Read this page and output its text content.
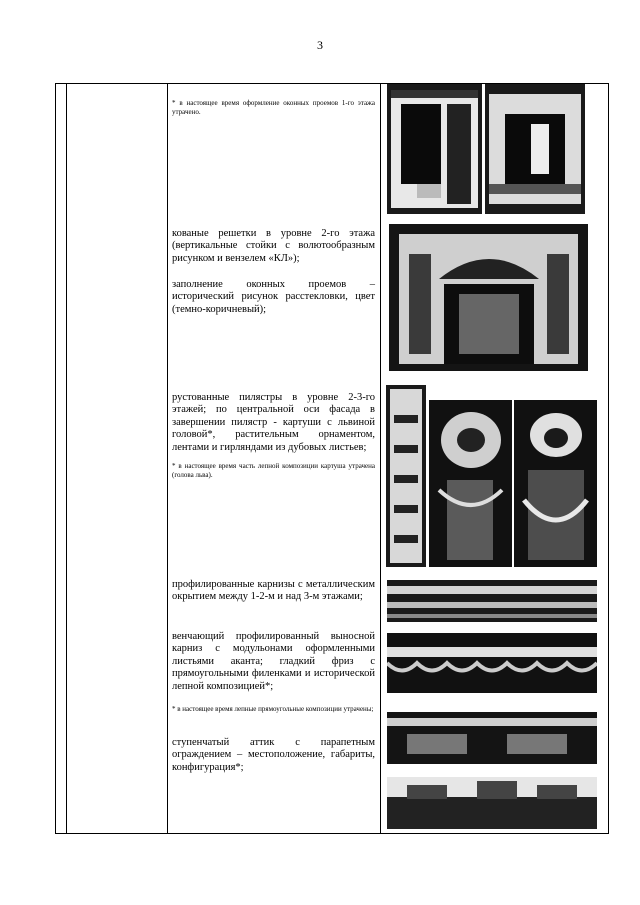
3
* в настоящее время оформление оконных проемов 1-го этажа утрачено.
кованые решетки в уровне 2-го этажа (вертикальные стойки с волютообразным рисунком и вензелем «КЛ»);
заполнение оконных проемов – исторический рисунок расстекловки, цвет (темно-коричневый);
рустованные пилястры в уровне 2-3-го этажей; по центральной оси фасада в завершении пилястр - картуши с львиной головой*, растительным орнаментом, лентами и гирляндами из дубовых листьев;
* в настоящее время часть лепной композиции картуша утрачена (голова льва).
профилированные карнизы с металлическим окрытием между 1-2-м и над 3-м этажами;
венчающий профилированный выносной карниз с модульонами оформленными листьями аканта; гладкий фриз с прямоугольными филенками и исторической лепной композицией*;
* в настоящее время лепные прямоугольные композиции утрачены;
ступенчатый аттик с парапетным ограждением – местоположение, габариты, конфигурация*;
